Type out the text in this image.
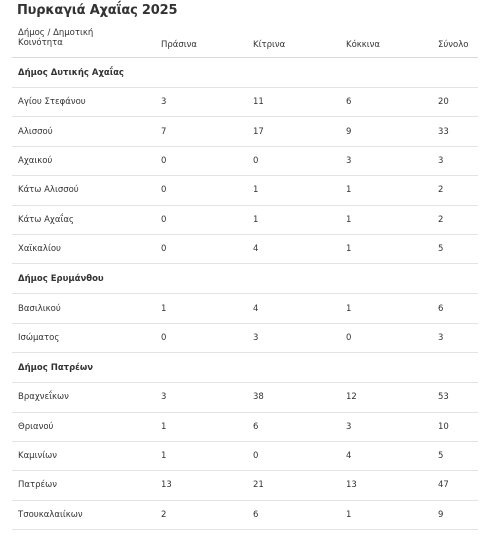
Πυρκαγιά Αχαΐας 2025
Δήμος / Δημοτική
Κοινότητα	Πράσινα	Κίτρινα	Κόκκινα	Σύνολο
Δήμος Δυτικής Αχαΐας
Αγίου Στεφάνου	3	11	6	20
Αλισσού	7	17	9	33
Αχαικού	0	0	3	3
Κάτω Αλισσού	0	1	1	2
Κάτω Αχαΐας	0	1	1	2
Χαϊκαλίου	0	4	1	5
Δήμος Ερυμάνθου
Βασιλικού	1	4	1	6
Ισώματος	0	3	0	3
Δήμος Πατρέων
Βραχνεΐκων	3	38	12	53
Θριανού	1	6	3	10
Καμινίων	1	0	4	5
Πατρέων	13	21	13	47
Τσουκαλαιίκων	2	6	1	9
